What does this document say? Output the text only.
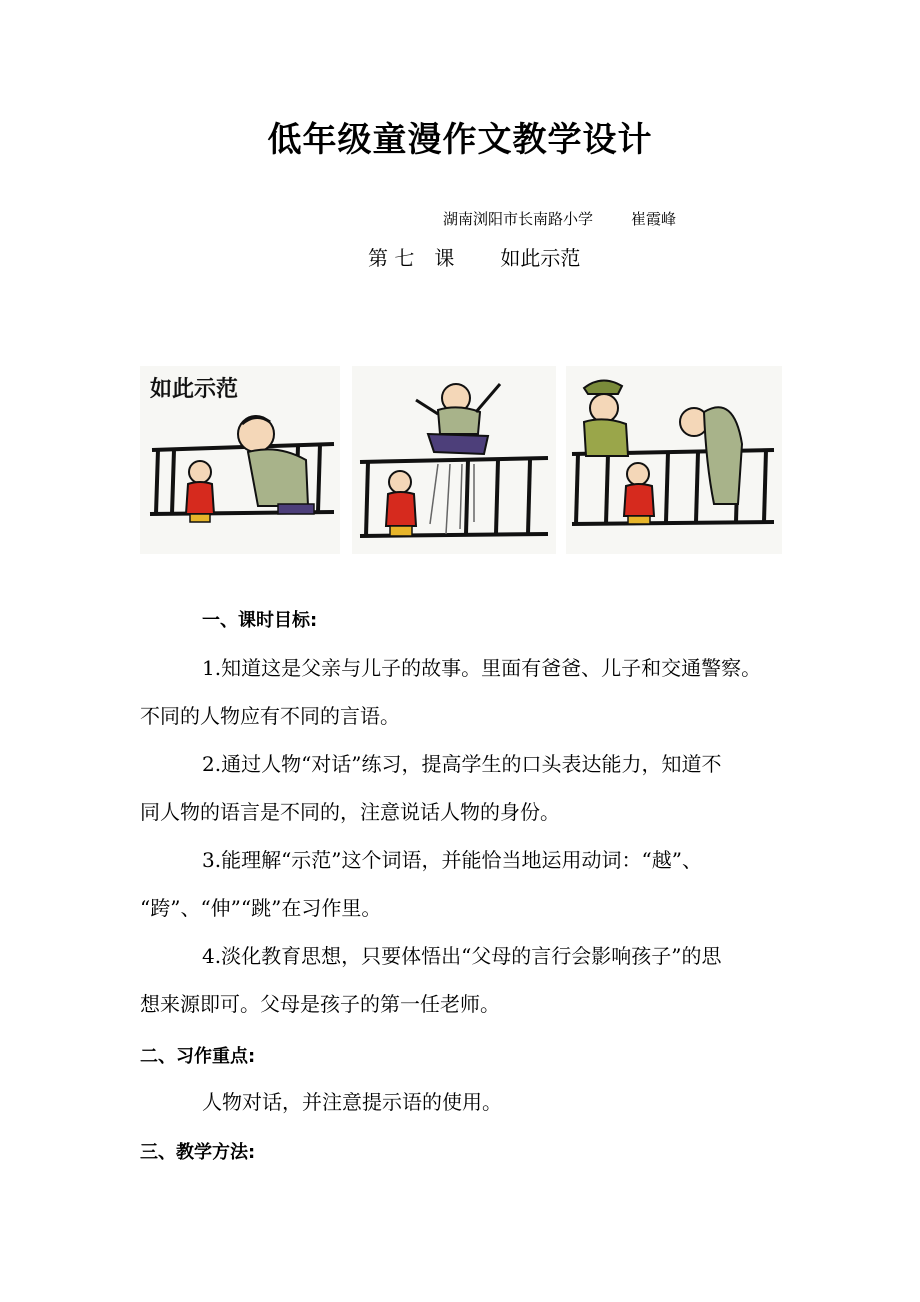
低年级童漫作文教学设计
湖南浏阳市长南路小学	崔霞峰
第 七　课 如此示范
如此示范
一、课时目标:
1.知道这是父亲与儿子的故事。里面有爸爸、儿子和交通警察。
不同的人物应有不同的言语。
2.通过人物“对话”练习，提高学生的口头表达能力，知道不
同人物的语言是不同的，注意说话人物的身份。
3.能理解“示范”这个词语，并能恰当地运用动词：“越”、
“跨”、“伸”“跳”在习作里。
4.淡化教育思想，只要体悟出“父母的言行会影响孩子”的思
想来源即可。父母是孩子的第一任老师。
二、习作重点:
人物对话，并注意提示语的使用。
三、教学方法:
